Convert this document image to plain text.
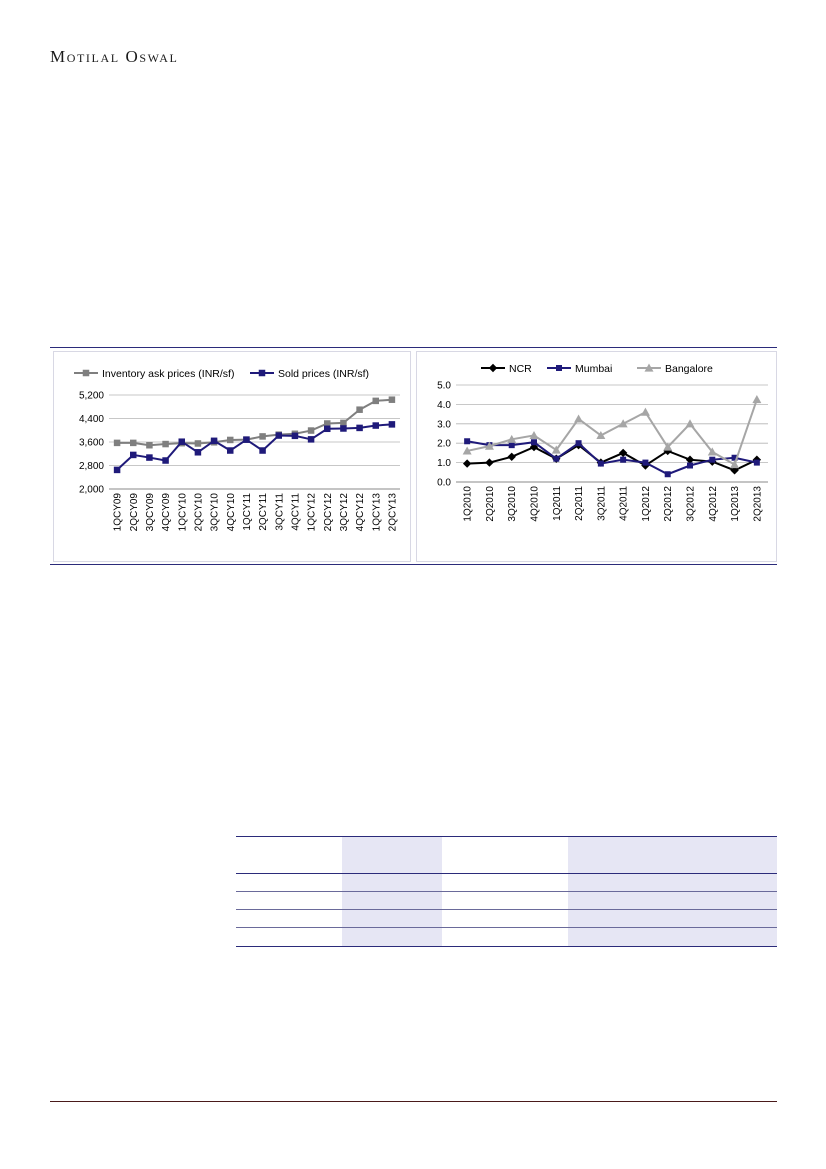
Motilal Oswal
2,000
2,800
3,600
4,400
5,200
1QCY09 2QCY09 3QCY09 4QCY09 1QCY10 2QCY10 3QCY10 4QCY10 1QCY11 2QCY11 3QCY11 4QCY11 1QCY12 2QCY12 3QCY12 4QCY12 1QCY13 2QCY13
Inventory ask prices (INR/sf)	Sold prices (INR/sf)
0.0
1.0
2.0
3.0
4.0
5.0
1Q2010 2Q2010 3Q2010 4Q2010 1Q2011 2Q2011 3Q2011 4Q2011 1Q2012 2Q2012 3Q2012 4Q2012 1Q2013 2Q2013
NCR	Mumbai	Bangalore
